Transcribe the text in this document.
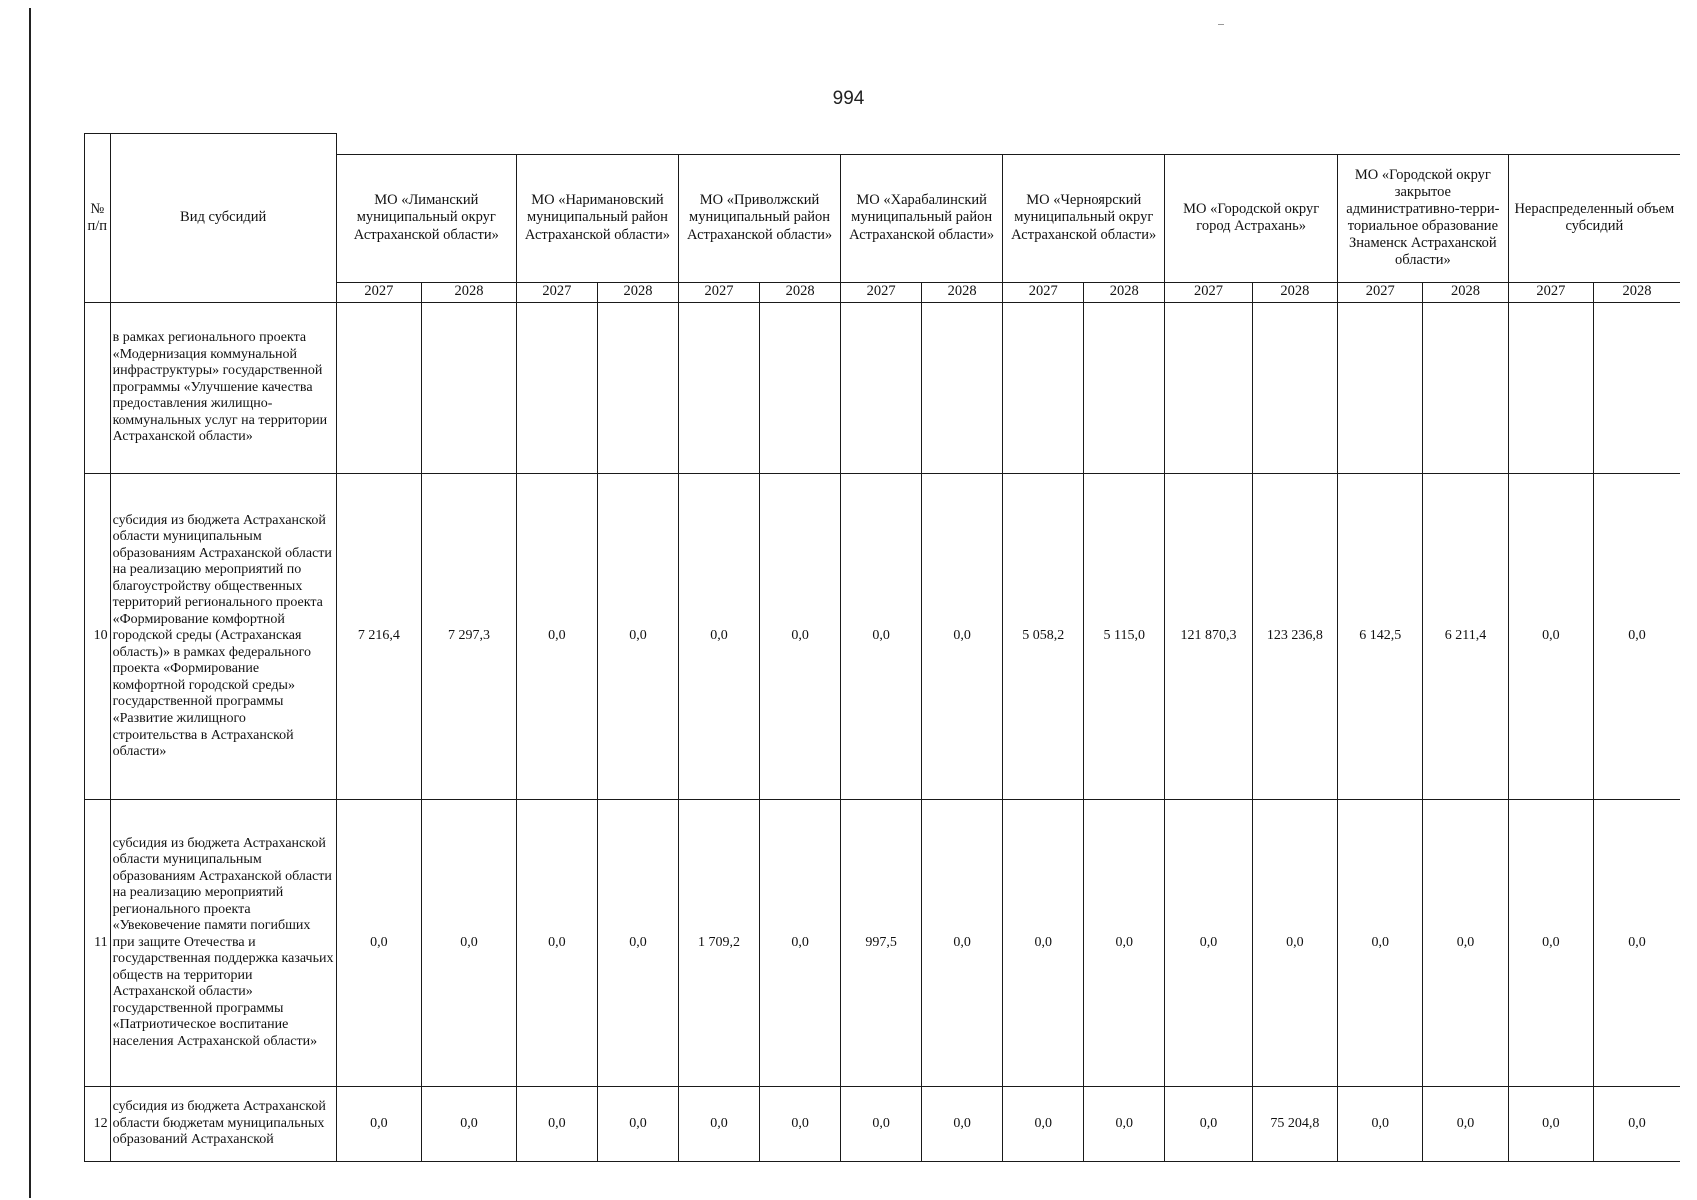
994
№ п/п	Вид субсидий																
		МО «Лиманский муниципальный округ Астраханской области»		МО «Наримановский муниципальный район Астраханской области»		МО «Приволжский муниципальный район Астраханской области»		МО «Харабалинский муниципальный район Астраханской области»		МО «Черноярский муниципальный округ Астраханской области»		МО «Городской округ город Астрахань»		МО «Городской округ закрытое административно-территориальное образование Знаменск Астраханской области»		Нераспределенный объем субсидий	
		2027	2028	2027	2028	2027	2028	2027	2028	2027	2028	2027	2028	2027	2028	2027	2028
	в рамках регионального проекта «Модернизация коммунальной инфраструктуры» государственной программы «Улучшение качества предоставления жилищно-коммунальных услуг на территории Астраханской области»																
10	субсидия из бюджета Астраханской области муниципальным образованиям Астраханской области на реализацию мероприятий по благоустройству общественных территорий регионального проекта «Формирование комфортной городской среды (Астраханская область)» в рамках федерального проекта «Формирование комфортной городской среды» государственной программы «Развитие жилищного строительства в Астраханской области»	7 216,4	7 297,3	0,0	0,0	0,0	0,0	0,0	0,0	5 058,2	5 115,0	121 870,3	123 236,8	6 142,5	6 211,4	0,0	0,0
11	субсидия из бюджета Астраханской области муниципальным образованиям Астраханской области на реализацию мероприятий регионального проекта «Увековечение памяти погибших при защите Отечества и государственная поддержка казачьих обществ на территории Астраханской области» государственной программы «Патриотическое воспитание населения Астраханской области»	0,0	0,0	0,0	0,0	1 709,2	0,0	997,5	0,0	0,0	0,0	0,0	0,0	0,0	0,0	0,0	0,0
12	субсидия из бюджета Астраханской области бюджетам муниципальных образований Астраханской	0,0	0,0	0,0	0,0	0,0	0,0	0,0	0,0	0,0	0,0	0,0	75 204,8	0,0	0,0	0,0	0,0
